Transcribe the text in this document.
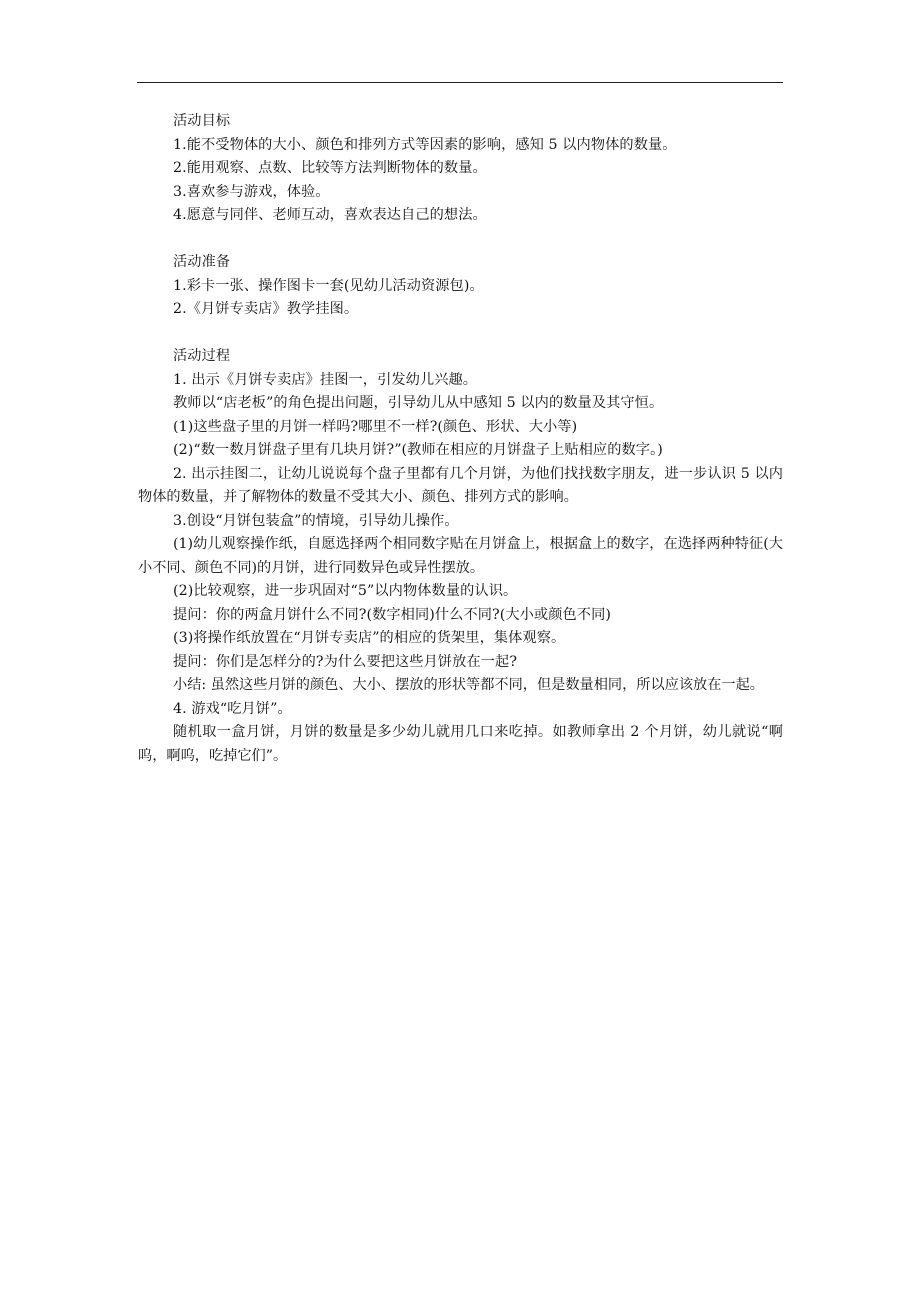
活动目标

1.能不受物体的大小、颜色和排列方式等因素的影响，感知 5 以内物体的数量。

2.能用观察、点数、比较等方法判断物体的数量。

3.喜欢参与游戏，体验。

4.愿意与同伴、老师互动，喜欢表达自己的想法。

活动准备

1.彩卡一张、操作图卡一套(见幼儿活动资源包)。

2.《月饼专卖店》教学挂图。

活动过程

1. 出示《月饼专卖店》挂图一，引发幼儿兴趣。

教师以“店老板”的角色提出问题，引导幼儿从中感知 5 以内的数量及其守恒。

(1)这些盘子里的月饼一样吗?哪里不一样?(颜色、形状、大小等)

(2)“数一数月饼盘子里有几块月饼?”(教师在相应的月饼盘子上贴相应的数字。)

2. 出示挂图二，让幼儿说说每个盘子里都有几个月饼，为他们找找数字朋友，进一步认识 5 以内物体的数量，并了解物体的数量不受其大小、颜色、排列方式的影响。

3.创设“月饼包装盒”的情境，引导幼儿操作。

(1)幼儿观察操作纸，自愿选择两个相同数字贴在月饼盒上，根据盒上的数字，在选择两种特征(大小不同、颜色不同)的月饼，进行同数异色或异性摆放。

(2)比较观察，进一步巩固对“5”以内物体数量的认识。

提问：你的两盒月饼什么不同?(数字相同)什么不同?(大小或颜色不同)

(3)将操作纸放置在“月饼专卖店”的相应的货架里，集体观察。

提问：你们是怎样分的?为什么要把这些月饼放在一起?

小结: 虽然这些月饼的颜色、大小、摆放的形状等都不同，但是数量相同，所以应该放在一起。

4. 游戏“吃月饼”。

随机取一盒月饼，月饼的数量是多少幼儿就用几口来吃掉。如教师拿出 2 个月饼，幼儿就说“啊呜，啊呜，吃掉它们”。
